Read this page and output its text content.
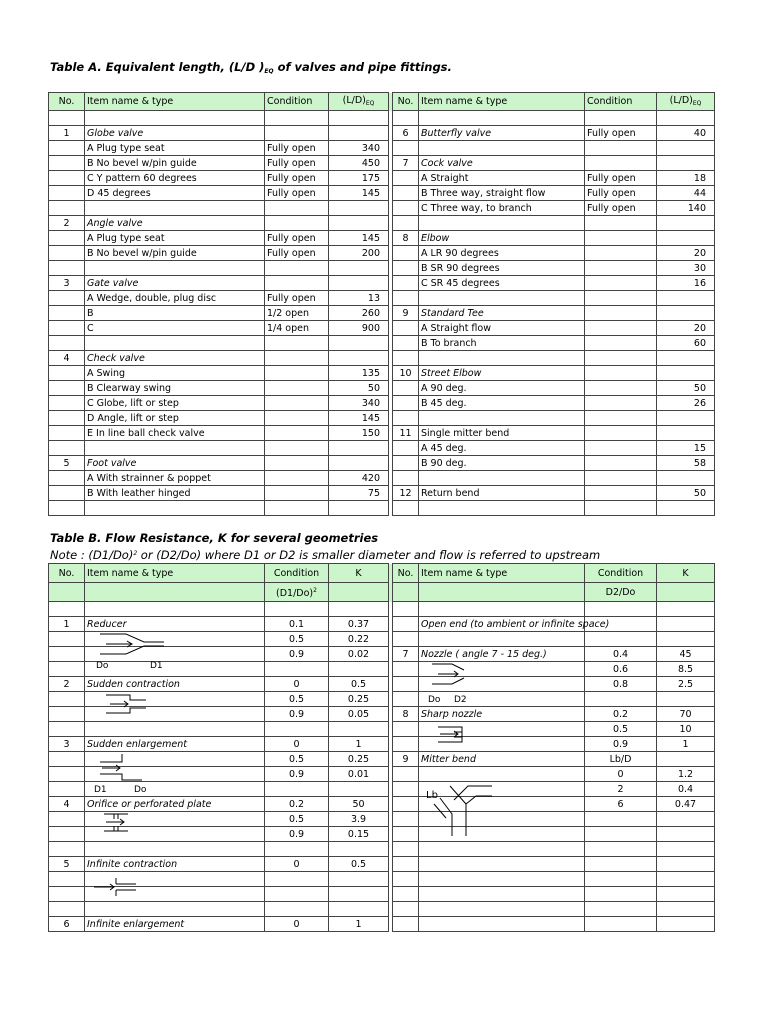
Table A. Equivalent length, (L/D )$_{EQ}$ of valves and pipe fittings.
No.	Item name & type	Condition	$(L/D)_{EQ}$		No.	Item name & type	Condition	$(L/D)_{EQ}$

1	Globe valve				6	Butterfly valve	Fully open	40
	A Plug type seat	Fully open	340					
	B No bevel w/pin guide	Fully open	450		7	Cock valve		
	C Y pattern 60 degrees	Fully open	175			A Straight	Fully open	18
	D 45 degrees	Fully open	145			B Three way, straight flow	Fully open	44
						C Three way, to branch	Fully open	140
2	Angle valve							
	A Plug type seat	Fully open	145		8	Elbow		
	B No bevel w/pin guide	Fully open	200			A LR 90 degrees		20
						B SR 90 degrees		30
3	Gate valve					C SR 45 degrees		16
	A Wedge, double, plug disc	Fully open	13					
	B	1/2 open	260		9	Standard Tee		
	C	1/4 open	900			A Straight flow		20
						B To branch		60
4	Check valve							
	A Swing		135		10	Street Elbow		
	B Clearway swing		50			A 90 deg.		50
	C Globe, lift or step		340			B 45 deg.		26
	D Angle, lift or step		145					
	E In line ball check valve		150		11	Single mitter bend		
						A 45 deg.		15
5	Foot valve					B 90 deg.		58
	A With strainner & poppet		420					
	B With leather hinged		75		12	Return bend		50

Table B. Flow Resistance, K for several geometries
Note : $(D1/Do)^2$ or (D2/Do) where D1 or D2 is smaller diameter and flow is referred to upstream
No.	Item name & type	Condition	K		No.	Item name & type	Condition	K
		$(D1/Do)^2$					D2/Do	

1	Reducer	0.1	0.37			Open end (to ambient or infinite space)		
		0.5	0.22					
		0.9	0.02		7	Nozzle ( angle 7 - 15 deg.)	0.4	45
							0.6	8.5
2	Sudden contraction	0	0.5				0.8	2.5
		0.5	0.25					
		0.9	0.05		8	Sharp nozzle	0.2	70
							0.5	10
3	Sudden enlargement	0	1				0.9	1
		0.5	0.25		9	Mitter bend	Lb/D	
		0.9	0.01				0	1.2
							2	0.4
4	Orifice or perforated plate	0.2	50				6	0.47
		0.5	3.9					
		0.9	0.15					

5	Infinite contraction	0	0.5					

6	Infinite enlargement	0	1					
Do	D1
D1	Do
Do D2
Lb
